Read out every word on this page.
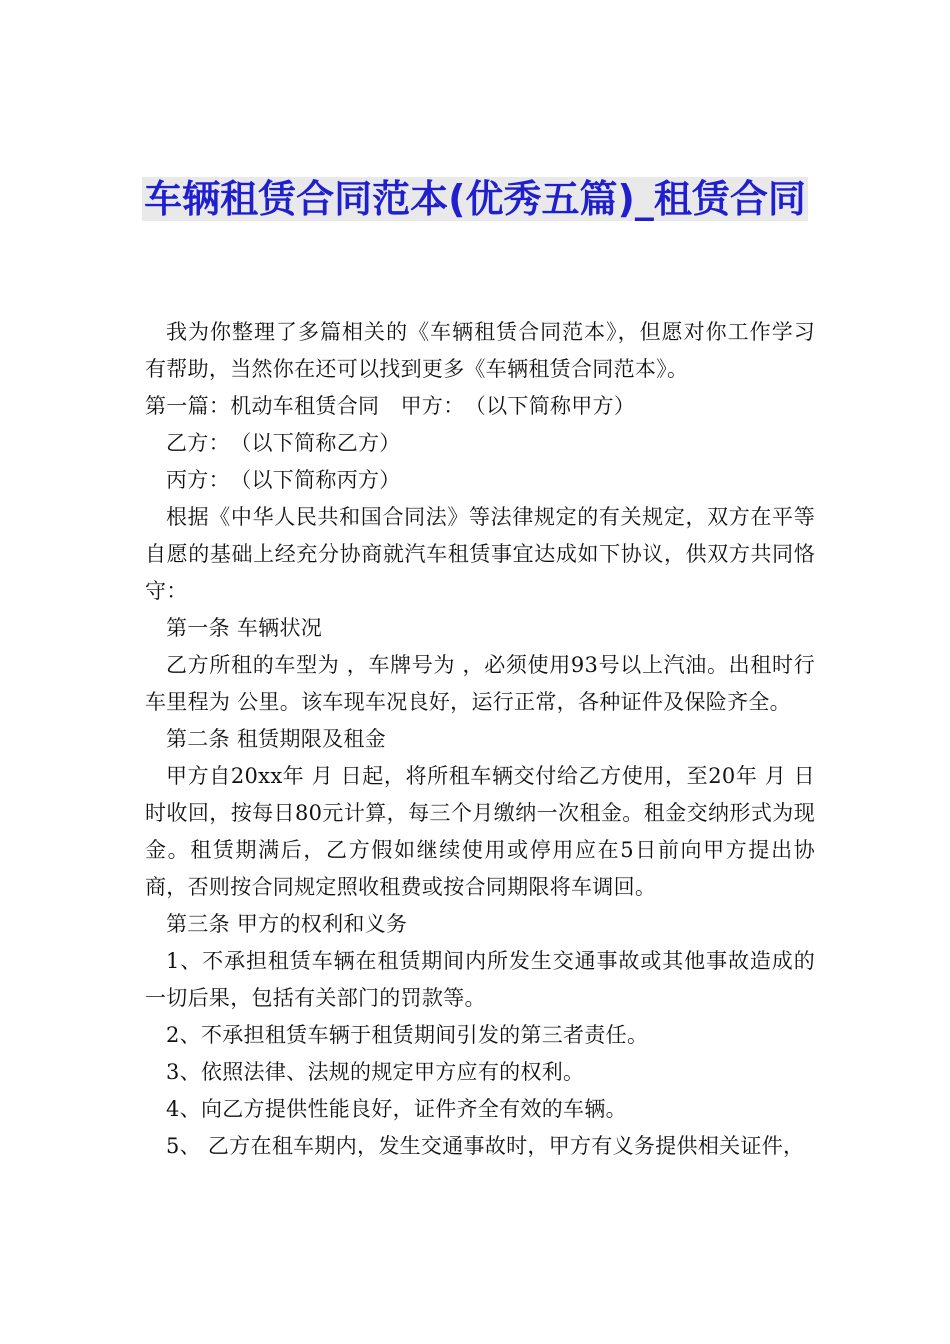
车辆租赁合同范本(优秀五篇)_租赁合同

我为你整理了多篇相关的《车辆租赁合同范本》，但愿对你工作学习有帮助，当然你在还可以找到更多《车辆租赁合同范本》。

第一篇：机动车租赁合同　甲方：　（以下简称甲方）

乙方：　（以下简称乙方）

丙方：　（以下简称丙方）

根据《中华人民共和国合同法》等法律规定的有关规定，双方在平等自愿的基础上经充分协商就汽车租赁事宜达成如下协议，供双方共同恪守：

第一条 车辆状况

乙方所租的车型为 ，车牌号为 ，必须使用93号以上汽油。出租时行车里程为 公里。该车现车况良好，运行正常，各种证件及保险齐全。

第二条 租赁期限及租金

甲方自20xx年 月 日起，将所租车辆交付给乙方使用，至20年 月 日时收回，按每日80元计算，每三个月缴纳一次租金。租金交纳形式为现金。租赁期满后，乙方假如继续使用或停用应在5日前向甲方提出协商，否则按合同规定照收租费或按合同期限将车调回。

第三条 甲方的权利和义务

1、不承担租赁车辆在租赁期间内所发生交通事故或其他事故造成的一切后果，包括有关部门的罚款等。

2、不承担租赁车辆于租赁期间引发的第三者责任。

3、依照法律、法规的规定甲方应有的权利。

4、向乙方提供性能良好，证件齐全有效的车辆。

5、 乙方在租车期内，发生交通事故时，甲方有义务提供相关证件，
